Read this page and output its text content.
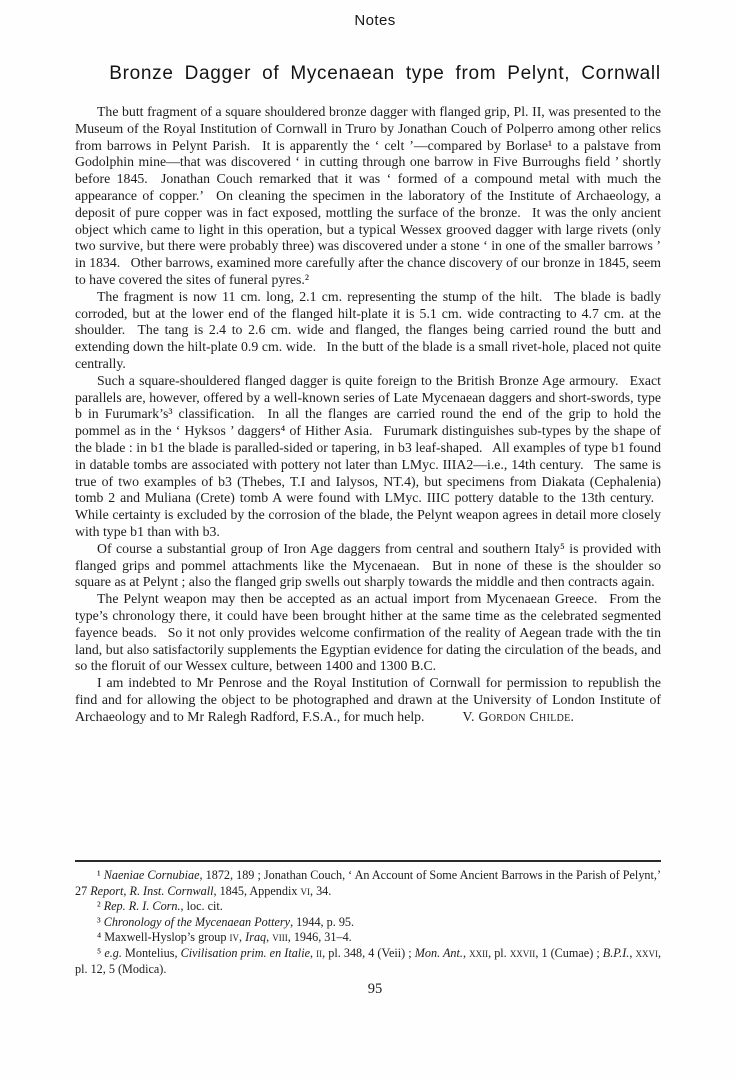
Notes
Bronze Dagger of Mycenaean type from Pelynt, Cornwall

The butt fragment of a square shouldered bronze dagger with flanged grip, Pl. II, was presented to the Museum of the Royal Institution of Cornwall in Truro by Jonathan Couch of Polperro among other relics from barrows in Pelynt Parish.  It is apparently the ‘ celt ’—compared by Borlase¹ to a palstave from Godolphin mine—that was discovered ‘ in cutting through one barrow in Five Burroughs field ’ shortly before 1845.  Jonathan Couch remarked that it was ‘ formed of a compound metal with much the appearance of copper.’  On cleaning the specimen in the laboratory of the Institute of Archaeology, a deposit of pure copper was in fact exposed, mottling the surface of the bronze.  It was the only ancient object which came to light in this operation, but a typical Wessex grooved dagger with large rivets (only two survive, but there were probably three) was discovered under a stone ‘ in one of the smaller barrows ’ in 1834.  Other barrows, examined more carefully after the chance discovery of our bronze in 1845, seem to have covered the sites of funeral pyres.²

The fragment is now 11 cm. long, 2.1 cm. representing the stump of the hilt.  The blade is badly corroded, but at the lower end of the flanged hilt-plate it is 5.1 cm. wide contracting to 4.7 cm. at the shoulder.  The tang is 2.4 to 2.6 cm. wide and flanged, the flanges being carried round the butt and extending down the hilt-plate 0.9 cm. wide.  In the butt of the blade is a small rivet-hole, placed not quite centrally.

Such a square-shouldered flanged dagger is quite foreign to the British Bronze Age armoury.  Exact parallels are, however, offered by a well-known series of Late Mycenaean daggers and short-swords, type b in Furumark’s³ classification.  In all the flanges are carried round the end of the grip to hold the pommel as in the ‘ Hyksos ’ daggers⁴ of Hither Asia.  Furumark distinguishes sub-types by the shape of the blade : in b1 the blade is paralled-sided or tapering, in b3 leaf-shaped.  All examples of type b1 found in datable tombs are associated with pottery not later than LMyc. IIIA2—i.e., 14th century.  The same is true of two examples of b3 (Thebes, T.I and Ialysos, NT.4), but specimens from Diakata (Cephalenia) tomb 2 and Muliana (Crete) tomb A were found with LMyc. IIIC pottery datable to the 13th century.  While certainty is excluded by the corrosion of the blade, the Pelynt weapon agrees in detail more closely with type b1 than with b3.

Of course a substantial group of Iron Age daggers from central and southern Italy⁵ is provided with flanged grips and pommel attachments like the Mycenaean.  But in none of these is the shoulder so square as at Pelynt ; also the flanged grip swells out sharply towards the middle and then contracts again.

The Pelynt weapon may then be accepted as an actual import from Mycenaean Greece.  From the type’s chronology there, it could have been brought hither at the same time as the celebrated segmented fayence beads.  So it not only provides welcome confirmation of the reality of Aegean trade with the tin land, but also satisfactorily supplements the Egyptian evidence for dating the circulation of the beads, and so the floruit of our Wessex culture, between 1400 and 1300 B.C.

I am indebted to Mr Penrose and the Royal Institution of Cornwall for permission to republish the find and for allowing the object to be photographed and drawn at the University of London Institute of Archaeology and to Mr Ralegh Radford, F.S.A., for much help.	V. Gordon Childe.

¹ Naeniae Cornubiae, 1872, 189 ; Jonathan Couch, ‘ An Account of Some Ancient Barrows in the Parish of Pelynt,’ 27 Report, R. Inst. Cornwall, 1845, Appendix vi, 34.

² Rep. R. I. Corn., loc. cit.

³ Chronology of the Mycenaean Pottery, 1944, p. 95.

⁴ Maxwell-Hyslop’s group iv, Iraq, viii, 1946, 31–4.

⁵ e.g. Montelius, Civilisation prim. en Italie, ii, pl. 348, 4 (Veii) ; Mon. Ant., xxii, pl. xxvii, 1 (Cumae) ; B.P.I., xxvi, pl. 12, 5 (Modica).

95
